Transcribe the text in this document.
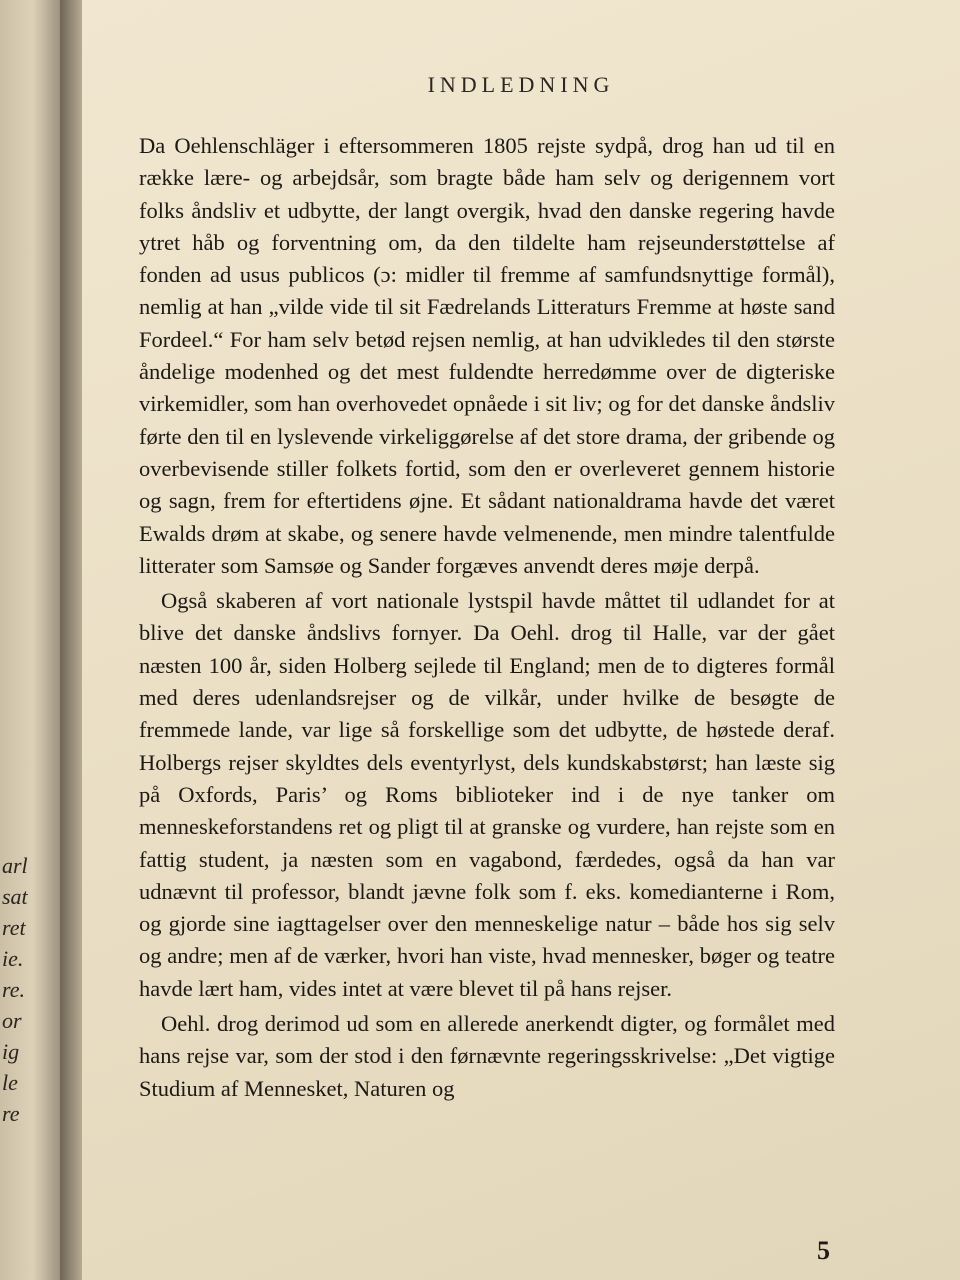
arl
sat
ret
ie.
re.
or
ig
le
re
INDLEDNING

Da Oehlenschläger i eftersommeren 1805 rejste sydpå, drog han ud til en række lære- og arbejdsår, som bragte både ham selv og derigennem vort folks åndsliv et udbytte, der langt overgik, hvad den danske regering havde ytret håb og forventning om, da den tildelte ham rejseunderstøttelse af fonden ad usus publicos (ɔ: midler til fremme af samfundsnyttige formål), nemlig at han „vilde vide til sit Fædrelands Litteraturs Fremme at høste sand Fordeel.“ For ham selv betød rejsen nemlig, at han udvikledes til den største åndelige modenhed og det mest fuldendte herredømme over de digteriske virkemidler, som han overhovedet opnåede i sit liv; og for det danske åndsliv førte den til en lyslevende virkeliggørelse af det store drama, der gribende og overbevisende stiller folkets fortid, som den er overleveret gennem historie og sagn, frem for eftertidens øjne. Et sådant nationaldrama havde det været Ewalds drøm at skabe, og senere havde velmenende, men mindre talentfulde litterater som Samsøe og Sander forgæves anvendt deres møje derpå.

Også skaberen af vort nationale lystspil havde måttet til udlandet for at blive det danske åndslivs fornyer. Da Oehl. drog til Halle, var der gået næsten 100 år, siden Holberg sejlede til England; men de to digteres formål med deres udenlandsrejser og de vilkår, under hvilke de besøgte de fremmede lande, var lige så forskellige som det udbytte, de høstede deraf. Holbergs rejser skyldtes dels eventyrlyst, dels kundskabstørst; han læste sig på Oxfords, Paris’ og Roms biblioteker ind i de nye tanker om menneskeforstandens ret og pligt til at granske og vurdere, han rejste som en fattig student, ja næsten som en vagabond, færdedes, også da han var udnævnt til professor, blandt jævne folk som f. eks. komedianterne i Rom, og gjorde sine iagttagelser over den menneskelige natur – både hos sig selv og andre; men af de værker, hvori han viste, hvad mennesker, bøger og teatre havde lært ham, vides intet at være blevet til på hans rejser.

Oehl. drog derimod ud som en allerede anerkendt digter, og formålet med hans rejse var, som der stod i den førnævnte regeringsskrivelse: „Det vigtige Studium af Mennesket, Naturen og

5
